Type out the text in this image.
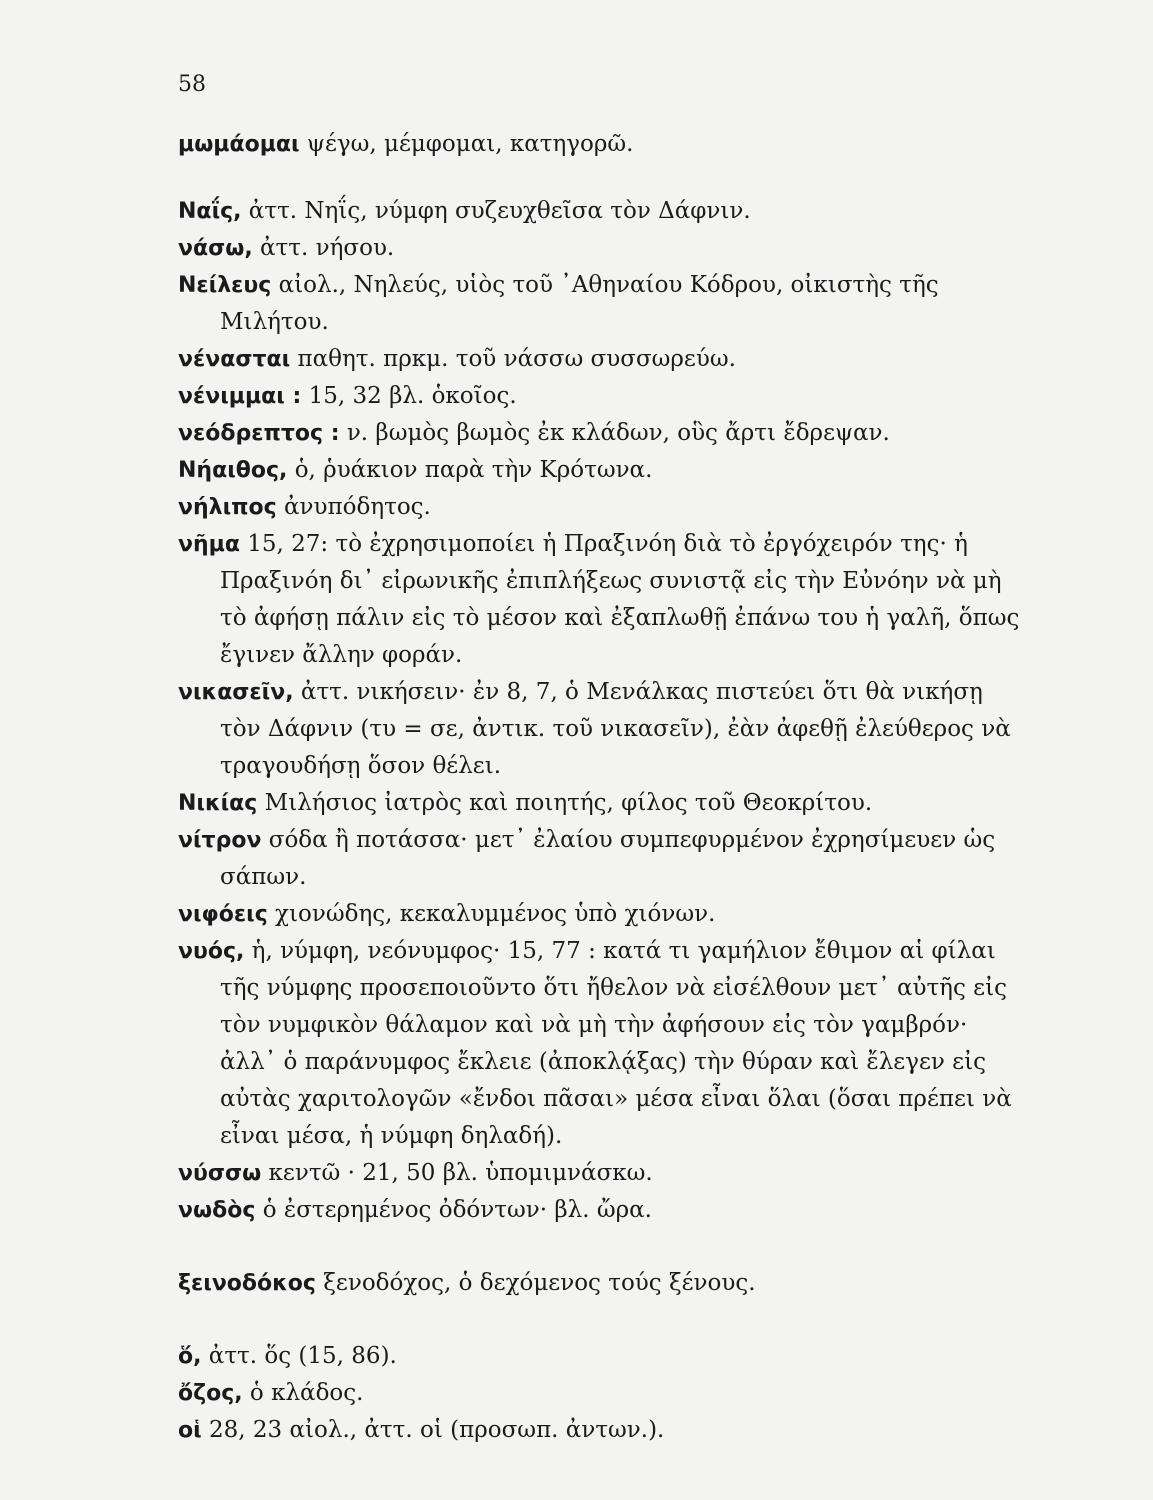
58
μωμάομαι ψέγω, μέμφομαι, κατηγορῶ.
Ναΐς, ἀττ. Νηΐς, νύμφη συζευχθεῖσα τὸν Δάφνιν.
νάσω, ἀττ. νήσου.
Νείλευς αἰολ., Νηλεύς, υἱὸς τοῦ ᾿Αθηναίου Κόδρου, οἰκιστὴς τῆς Μιλήτου.
νένασται παθητ. πρκμ. τοῦ νάσσω συσσωρεύω.
νένιμμαι : 15, 32 βλ. ὁκοῖος.
νεόδρεπτος : ν. βωμὸς βωμὸς ἐκ κλάδων, οὓς ἄρτι ἔδρεψαν.
Νήαιθος, ὁ, ῥυάκιον παρὰ τὴν Κρότωνα.
νήλιπος ἀνυπόδητος.
νῆμα 15, 27: τὸ ἐχρησιμοποίει ἡ Πραξινόη διὰ τὸ ἐργόχειρόν της· ἡ Πραξινόη δι᾿ εἰρωνικῆς ἐπιπλήξεως συνιστᾷ εἰς τὴν Εὐνόην νὰ μὴ τὸ ἀφήσῃ πάλιν εἰς τὸ μέσον καὶ ἐξαπλωθῇ ἐπάνω του ἡ γαλῆ, ὅπως ἔγινεν ἄλλην φοράν.
νικασεῖν, ἀττ. νικήσειν· ἐν 8, 7, ὁ Μενάλκας πιστεύει ὅτι θὰ νικήσῃ τὸν Δάφνιν (τυ = σε, ἀντικ. τοῦ νικασεῖν), ἐὰν ἀφεθῇ ἐλεύθερος νὰ τραγουδήσῃ ὅσον θέλει.
Νικίας Μιλήσιος ἰατρὸς καὶ ποιητής, φίλος τοῦ Θεοκρίτου.
νίτρον σόδα ἢ ποτάσσα· μετ᾿ ἐλαίου συμπεφυρμένον ἐχρησίμευεν ὡς σάπων.
νιφόεις χιονώδης, κεκαλυμμένος ὑπὸ χιόνων.
νυός, ἡ, νύμφη, νεόνυμφος· 15, 77 : κατά τι γαμήλιον ἔθιμον αἱ φίλαι τῆς νύμφης προσεποιοῦντο ὅτι ἤθελον νὰ εἰσέλθουν μετ᾿ αὐτῆς εἰς τὸν νυμφικὸν θάλαμον καὶ νὰ μὴ τὴν ἀφήσουν εἰς τὸν γαμβρόν· ἀλλ᾿ ὁ παράνυμφος ἔκλειε (ἀποκλᾴξας) τὴν θύραν καὶ ἔλεγεν εἰς αὐτὰς χαριτολογῶν «ἔνδοι πᾶσαι» μέσα εἶναι ὅλαι (ὅσαι πρέπει νὰ εἶναι μέσα, ἡ νύμφη δηλαδή).
νύσσω κεντῶ · 21, 50 βλ. ὑπομιμνάσκω.
νωδὸς ὁ ἐστερημένος ὀδόντων· βλ. ὤρα.
ξεινοδόκος ξενοδόχος, ὁ δεχόμενος τούς ξένους.
ὅ, ἀττ. ὅς (15, 86).
ὄζος, ὁ κλάδος.
οἱ 28, 23 αἰολ., ἀττ. οἱ (προσωπ. ἀντων.).
